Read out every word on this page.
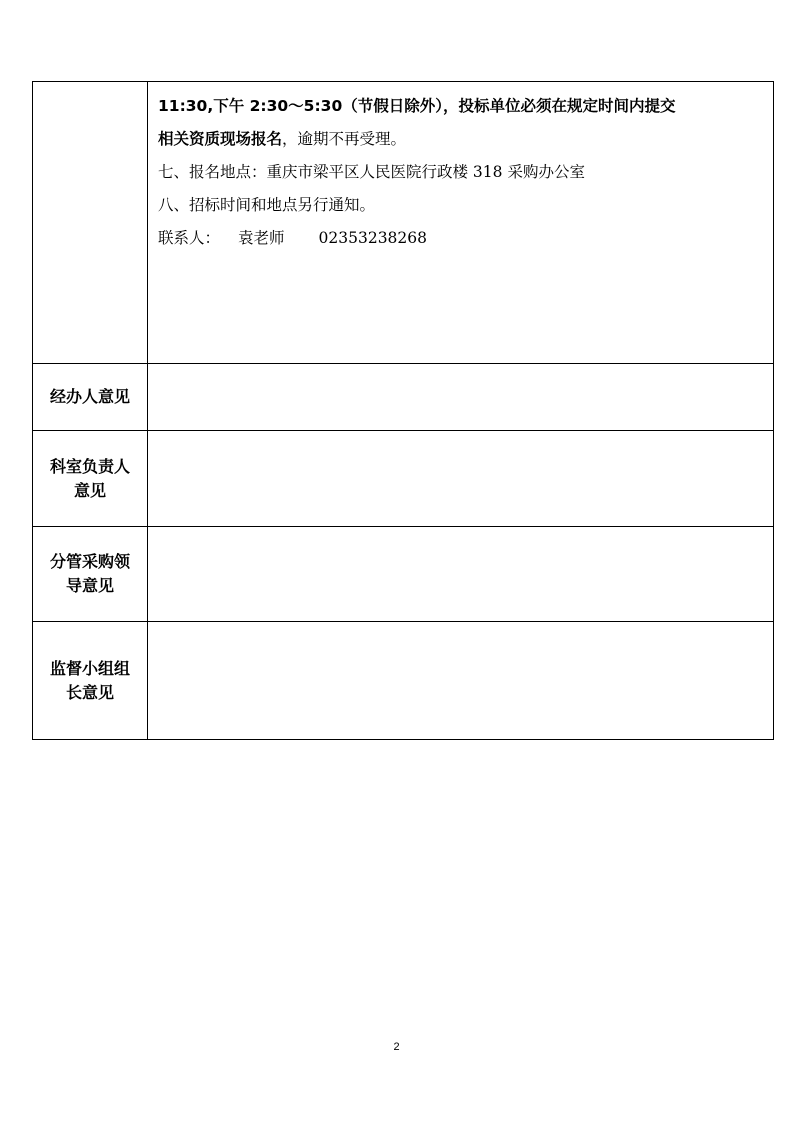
	11:30,下午 2:30～5:30（节假日除外），投标单位必须在规定时间内提交
相关资质现场报名，逾期不再受理。
七、报名地点：重庆市梁平区人民医院行政楼 318 采购办公室
八、招标时间和地点另行通知。
联系人： 袁老师 02353238268

经办人意见	

科室负责人
意见	

分管采购领
导意见	

监督小组组
长意见	

2
